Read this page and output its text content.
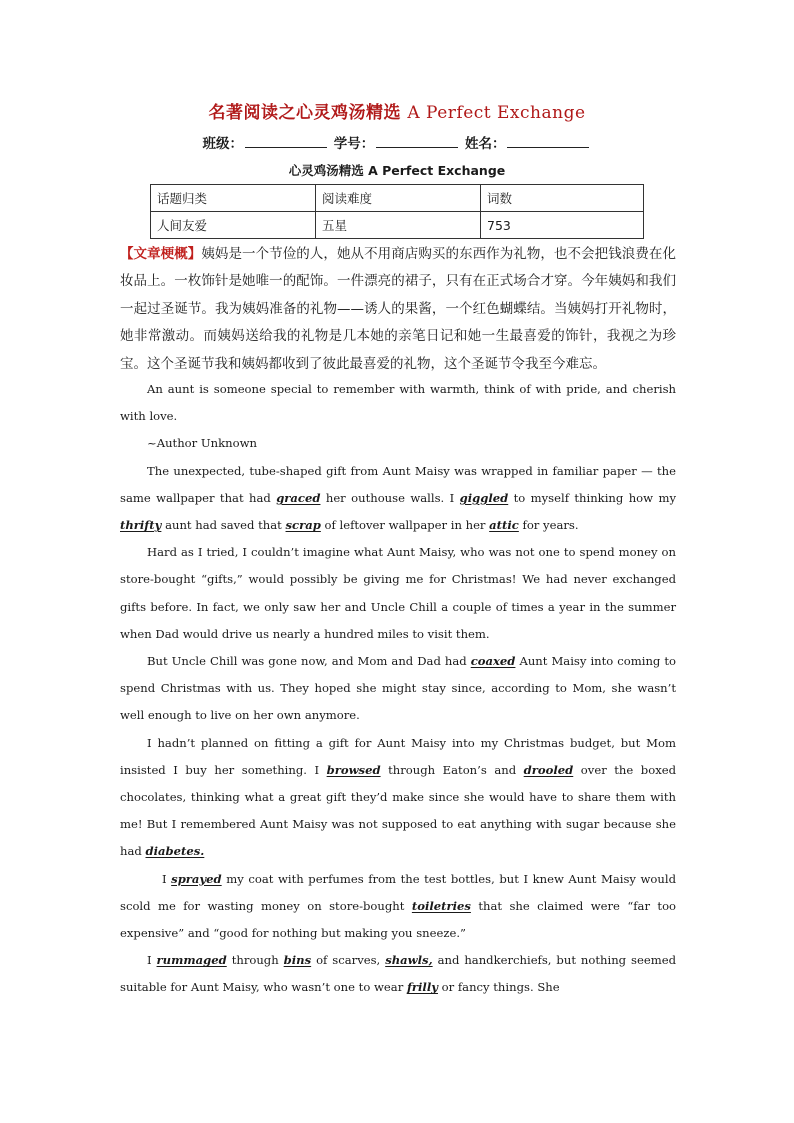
名著阅读之心灵鸡汤精选 A Perfect Exchange
班级：	学号：	姓名：
心灵鸡汤精选 A Perfect Exchange
话题归类	阅读难度	词数
人间友爱	五星	753
【文章梗概】姨妈是一个节俭的人，她从不用商店购买的东西作为礼物，也不会把钱浪费在化妆品上。一枚饰针是她唯一的配饰。一件漂亮的裙子，只有在正式场合才穿。今年姨妈和我们一起过圣诞节。我为姨妈准备的礼物——诱人的果酱，一个红色蝴蝶结。当姨妈打开礼物时，她非常激动。而姨妈送给我的礼物是几本她的亲笔日记和她一生最喜爱的饰针，我视之为珍宝。这个圣诞节我和姨妈都收到了彼此最喜爱的礼物，这个圣诞节令我至今难忘。

An aunt is someone special to remember with warmth, think of with pride, and cherish with love.

~Author Unknown

The unexpected, tube-shaped gift from Aunt Maisy was wrapped in familiar paper — the same wallpaper that had graced her outhouse walls. I giggled to myself thinking how my thrifty aunt had saved that scrap of leftover wallpaper in her attic for years.

Hard as I tried, I couldn’t imagine what Aunt Maisy, who was not one to spend money on store-bought “gifts,” would possibly be giving me for Christmas! We had never exchanged gifts before. In fact, we only saw her and Uncle Chill a couple of times a year in the summer when Dad would drive us nearly a hundred miles to visit them.

But Uncle Chill was gone now, and Mom and Dad had coaxed Aunt Maisy into coming to spend Christmas with us. They hoped she might stay since, according to Mom, she wasn’t well enough to live on her own anymore.

I hadn’t planned on fitting a gift for Aunt Maisy into my Christmas budget, but Mom insisted I buy her something. I browsed through Eaton’s and drooled over the boxed chocolates, thinking what a great gift they’d make since she would have to share them with me! But I remembered Aunt Maisy was not supposed to eat anything with sugar because she had diabetes.

I sprayed my coat with perfumes from the test bottles, but I knew Aunt Maisy would scold me for wasting money on store-bought toiletries that she claimed were “far too expensive” and “good for nothing but making you sneeze.”

I rummaged through bins of scarves, shawls, and handkerchiefs, but nothing seemed suitable for Aunt Maisy, who wasn’t one to wear frilly or fancy things. She
